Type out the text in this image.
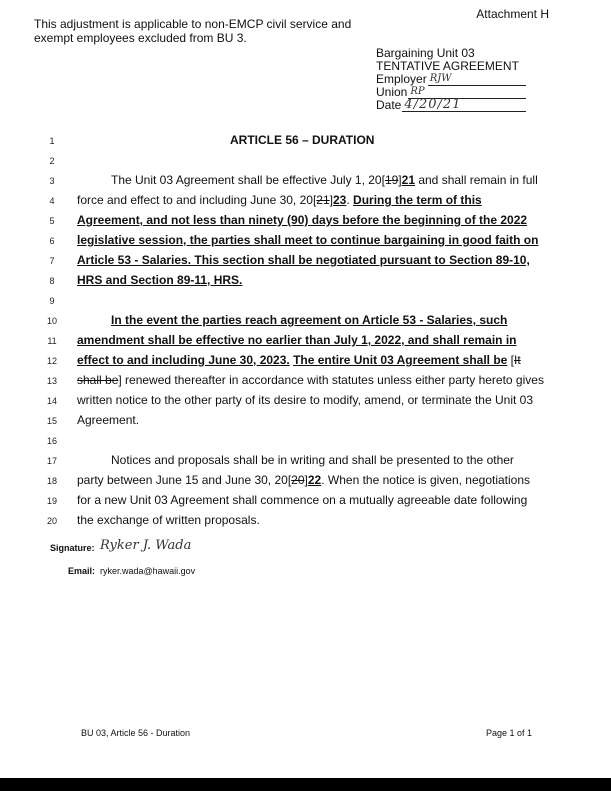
Attachment H
This adjustment is applicable to non-EMCP civil service and exempt employees excluded from BU 3.
Bargaining Unit 03
TENTATIVE AGREEMENT
Employer RJW
Union RP
Date 4/20/21
1	ARTICLE 56 – DURATION
2
3	The Unit 03 Agreement shall be effective July 1, 20[19]21 and shall remain in full
4	force and effect to and including June 30, 20[21]23. During the term of this
5	Agreement, and not less than ninety (90) days before the beginning of the 2022
6	legislative session, the parties shall meet to continue bargaining in good faith on
7	Article 53 - Salaries. This section shall be negotiated pursuant to Section 89-10,
8	HRS and Section 89-11, HRS.
9
10	In the event the parties reach agreement on Article 53 - Salaries, such
11	amendment shall be effective no earlier than July 1, 2022, and shall remain in
12	effect to and including June 30, 2023. The entire Unit 03 Agreement shall be [It
13	shall be] renewed thereafter in accordance with statutes unless either party hereto gives
14	written notice to the other party of its desire to modify, amend, or terminate the Unit 03
15	Agreement.
16
17	Notices and proposals shall be in writing and shall be presented to the other
18	party between June 15 and June 30, 20[20]22. When the notice is given, negotiations
19	for a new Unit 03 Agreement shall commence on a mutually agreeable date following
20	the exchange of written proposals.
Signature: Ryker J. Wada
Email: ryker.wada@hawaii.gov
BU 03, Article 56 - Duration	Page 1 of 1
